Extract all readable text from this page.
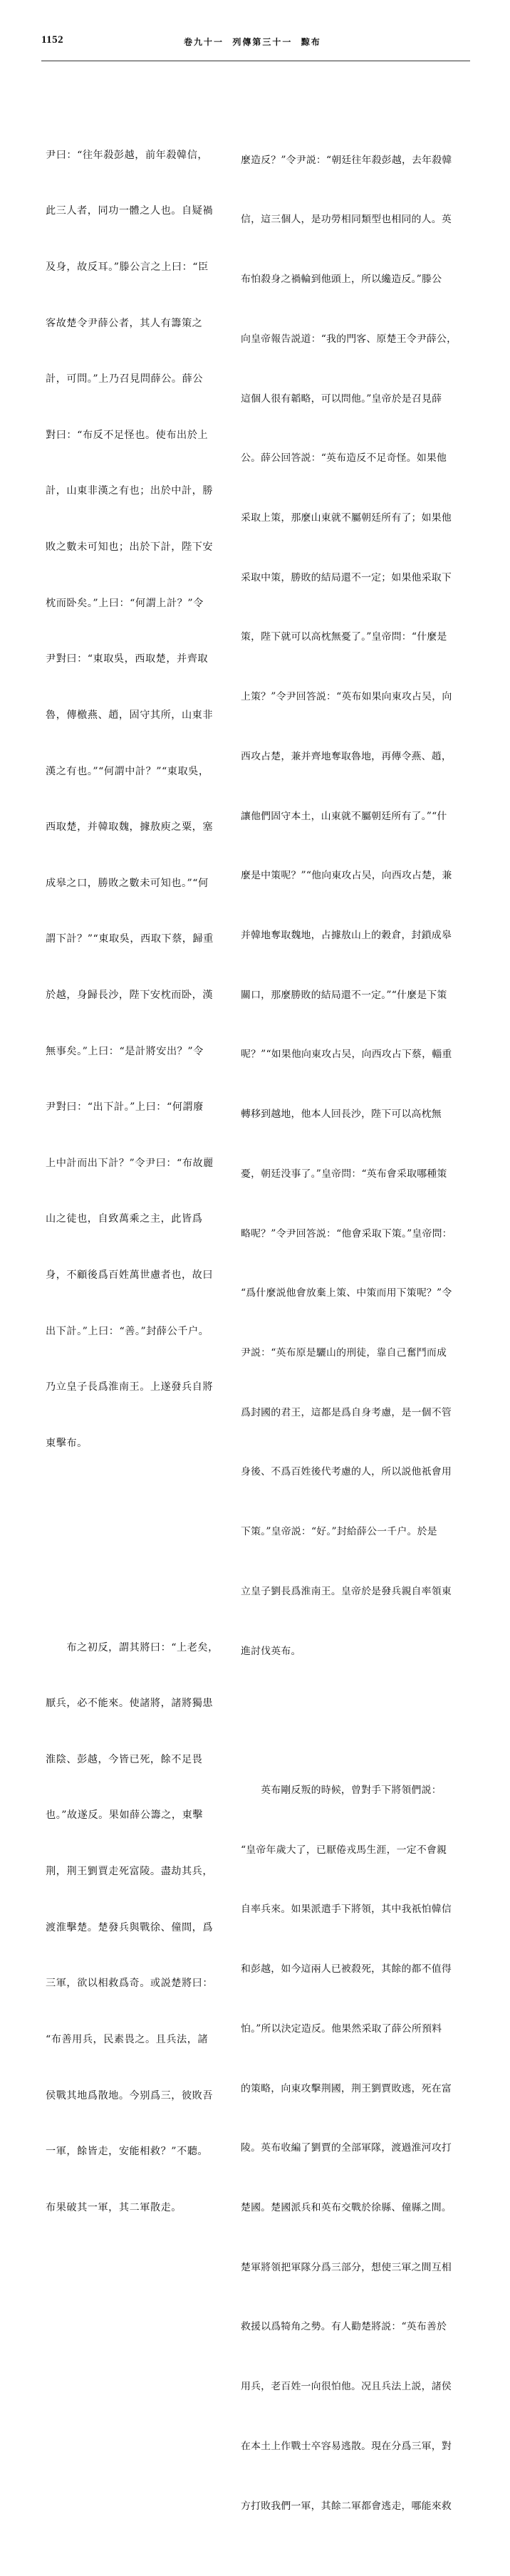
1152	卷九十一  列傳第三十一  黥布

尹曰：“往年殺彭越，前年殺韓信，

此三人者，同功一體之人也。自疑禍

及身，故反耳。”滕公言之上曰：“臣

客故楚令尹薛公者，其人有籌策之

計，可問。”上乃召見問薛公。薛公

對曰：“布反不足怪也。使布出於上

計，山東非漢之有也；出於中計，勝

敗之數未可知也；出於下計，陛下安

枕而卧矣。”上曰：“何謂上計？”令

尹對曰：“東取吳，西取楚，并齊取

魯，傳檄燕、趙，固守其所，山東非

漢之有也。”“何謂中計？”“東取吳，

西取楚，并韓取魏，據敖庾之粟，塞

成皋之口，勝敗之數未可知也。”“何

謂下計？”“東取吳，西取下蔡，歸重

於越，身歸長沙，陛下安枕而卧，漢

無事矣。”上曰：“是計將安出？”令

尹對曰：“出下計。”上曰：“何謂廢

上中計而出下計？”令尹曰：“布故麗

山之徒也，自致萬乘之主，此皆爲

身，不顧後爲百姓萬世慮者也，故曰

出下計。”上曰：“善。”封薛公千户。

乃立皇子長爲淮南王。上遂發兵自將

東擊布。

　　布之初反，謂其將曰：“上老矣，

厭兵，必不能來。使諸將，諸將獨患

淮陰、彭越，今皆已死，餘不足畏

也。”故遂反。果如薛公籌之，東擊

荆，荆王劉賈走死富陵。盡劫其兵，

渡淮擊楚。楚發兵與戰徐、僮間，爲

三軍，欲以相救爲奇。或説楚將曰：

“布善用兵，民素畏之。且兵法，諸

侯戰其地爲散地。今别爲三，彼敗吾

一軍，餘皆走，安能相救？”不聽。

布果破其一軍，其二軍散走。

麼造反？”令尹説：“朝廷往年殺彭越，去年殺韓

信，這三個人，是功勞相同類型也相同的人。英

布怕殺身之禍輪到他頭上，所以纔造反。”滕公

向皇帝報告説道：“我的門客、原楚王令尹薛公，

這個人很有韜略，可以問他。”皇帝於是召見薛

公。薛公回答説：“英布造反不足奇怪。如果他

采取上策，那麼山東就不屬朝廷所有了；如果他

采取中策，勝敗的結局還不一定；如果他采取下

策，陛下就可以高枕無憂了。”皇帝問：“什麼是

上策？”令尹回答説：“英布如果向東攻占吴，向

西攻占楚，兼并齊地奪取魯地，再傳令燕、趙，

讓他們固守本土，山東就不屬朝廷所有了。”“什

麼是中策呢？”“他向東攻占吴，向西攻占楚，兼

并韓地奪取魏地，占據敖山上的穀倉，封鎖成皋

關口，那麼勝敗的結局還不一定。”“什麼是下策

呢？”“如果他向東攻占吴，向西攻占下蔡，輜重

轉移到越地，他本人回長沙，陛下可以高枕無

憂，朝廷没事了。”皇帝問：“英布會采取哪種策

略呢？”令尹回答説：“他會采取下策。”皇帝問：

“爲什麼説他會放棄上策、中策而用下策呢？”令

尹説：“英布原是驪山的刑徒，靠自己奮鬥而成

爲封國的君王，這都是爲自身考慮，是一個不管

身後、不爲百姓後代考慮的人，所以説他祇會用

下策。”皇帝説：“好。”封給薛公一千户。於是

立皇子劉長爲淮南王。皇帝於是發兵親自率領東

進討伐英布。

　　英布剛反叛的時候，曾對手下將領們説：

“皇帝年歲大了，已厭倦戎馬生涯，一定不會親

自率兵來。如果派遣手下將領，其中我祇怕韓信

和彭越，如今這兩人已被殺死，其餘的都不值得

怕。”所以決定造反。他果然采取了薛公所預料

的策略，向東攻擊荆國，荆王劉賈敗逃，死在富

陵。英布收編了劉賈的全部軍隊，渡過淮河攻打

楚國。楚國派兵和英布交戰於徐縣、僮縣之間。

楚軍將領把軍隊分爲三部分，想使三軍之間互相

救援以爲犄角之勢。有人勸楚將説：“英布善於

用兵，老百姓一向很怕他。况且兵法上説，諸侯

在本土上作戰士卒容易逃散。現在分爲三軍，對

方打敗我們一軍，其餘二軍都會逃走，哪能來救
